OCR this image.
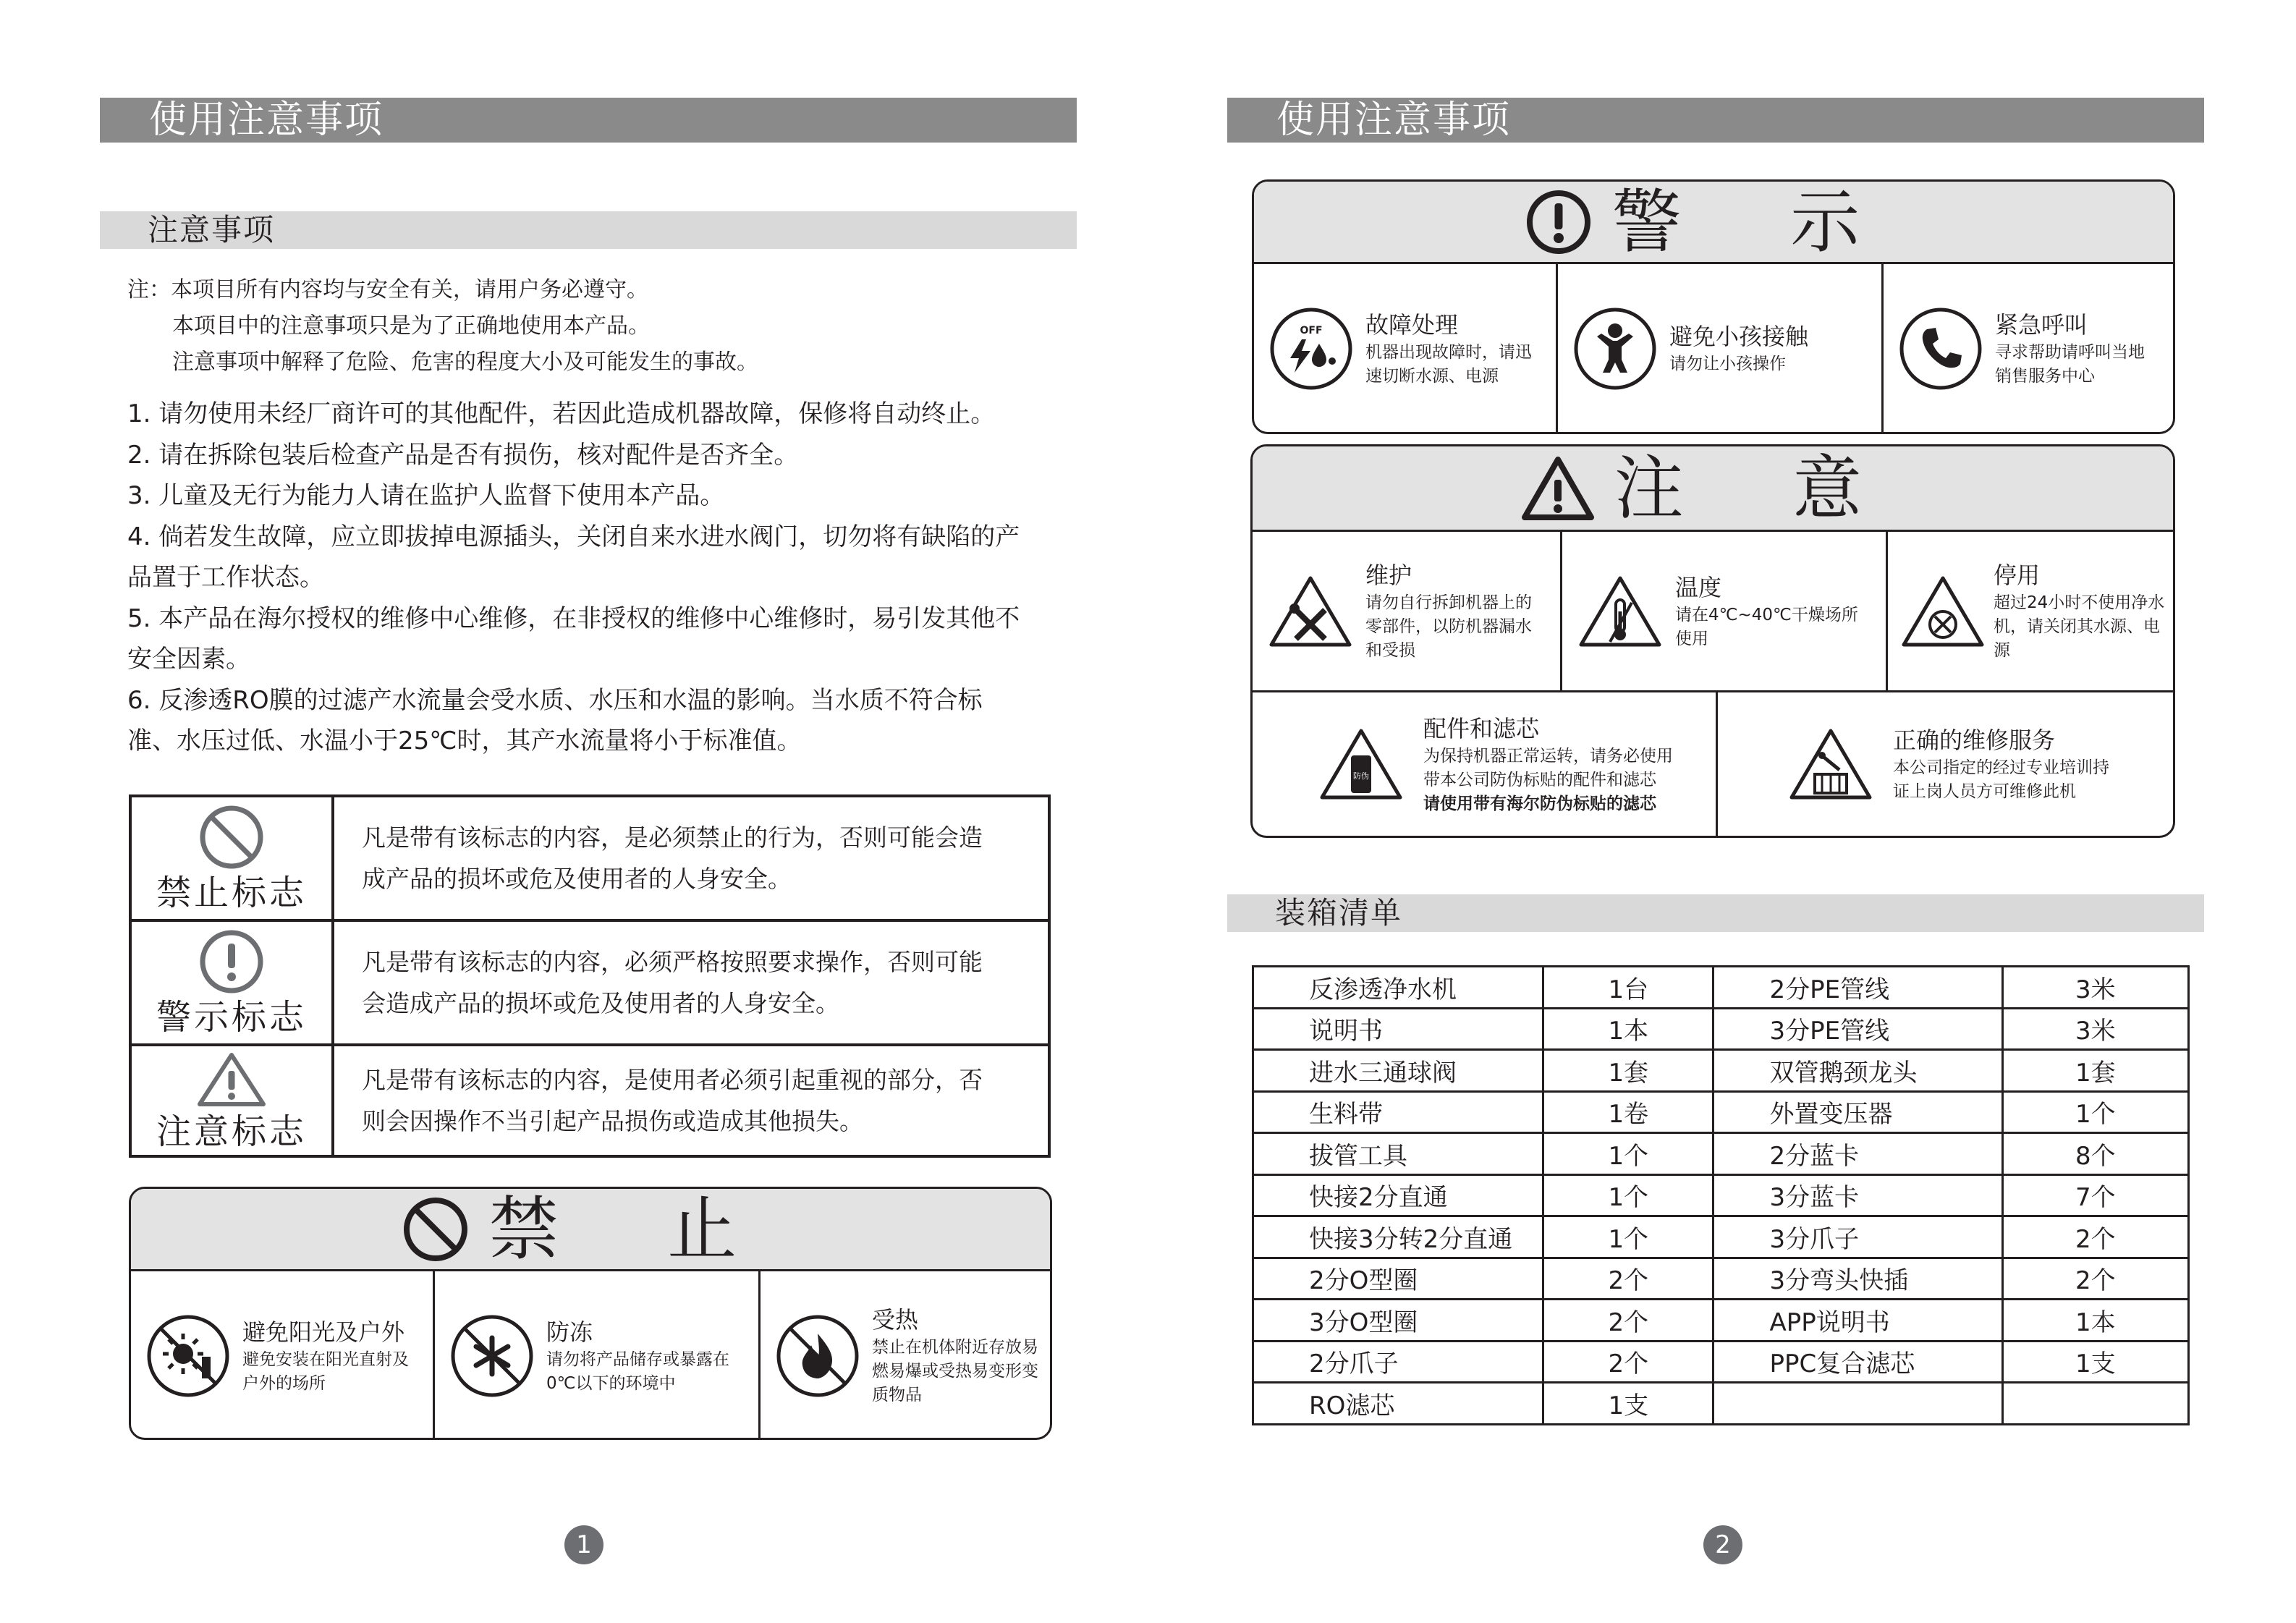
使用注意事项
注意事项
注：本项目所有内容均与安全有关，请用户务必遵守。
本项目中的注意事项只是为了正确地使用本产品。
注意事项中解释了危险、危害的程度大小及可能发生的事故。
1. 请勿使用未经厂商许可的其他配件，若因此造成机器故障，保修将自动终止。
2. 请在拆除包装后检查产品是否有损伤，核对配件是否齐全。
3. 儿童及无行为能力人请在监护人监督下使用本产品。
4. 倘若发生故障，应立即拔掉电源插头，关闭自来水进水阀门，切勿将有缺陷的产
品置于工作状态。
5. 本产品在海尔授权的维修中心维修，在非授权的维修中心维修时，易引发其他不
安全因素。
6. 反渗透RO膜的过滤产水流量会受水质、水压和水温的影响。当水质不符合标
准、水压过低、水温小于25℃时，其产水流量将小于标准值。
禁止标志	凡是带有该标志的内容，是必须禁止的行为，否则可能会造
成产品的损坏或危及使用者的人身安全。

警示标志	凡是带有该标志的内容，必须严格按照要求操作，否则可能
会造成产品的损坏或危及使用者的人身安全。

注意标志	凡是带有该标志的内容，是使用者必须引起重视的部分，否
则会因操作不当引起产品损伤或造成其他损失。
禁 止
避免阳光及户外
避免安装在阳光直射及
户外的场所
防冻
请勿将产品储存或暴露在
0℃以下的环境中
受热
禁止在机体附近存放易
燃易爆或受热易变形变
质物品
1
使用注意事项
警 示
OFF 故障处理
机器出现故障时，请迅
速切断水源、电源
避免小孩接触
请勿让小孩操作
紧急呼叫
寻求帮助请呼叫当地
销售服务中心
注 意
维护
请勿自行拆卸机器上的
零部件，以防机器漏水
和受损
温度
请在4℃~40℃干燥场所
使用
停用
超过24小时不使用净水
机，请关闭其水源、电
源
防伪
配件和滤芯
为保持机器正常运转，请务必使用
带本公司防伪标贴的配件和滤芯
请使用带有海尔防伪标贴的滤芯
正确的维修服务
本公司指定的经过专业培训持
证上岗人员方可维修此机
装箱清单
反渗透净水机	1台	2分PE管线	3米
说明书	1本	3分PE管线	3米
进水三通球阀	1套	双管鹅颈龙头	1套
生料带	1卷	外置变压器	1个
拔管工具	1个	2分蓝卡	8个
快接2分直通	1个	3分蓝卡	7个
快接3分转2分直通	1个	3分爪子	2个
2分O型圈	2个	3分弯头快插	2个
3分O型圈	2个	APP说明书	1本
2分爪子	2个	PPC复合滤芯	1支
RO滤芯	1支		
2
